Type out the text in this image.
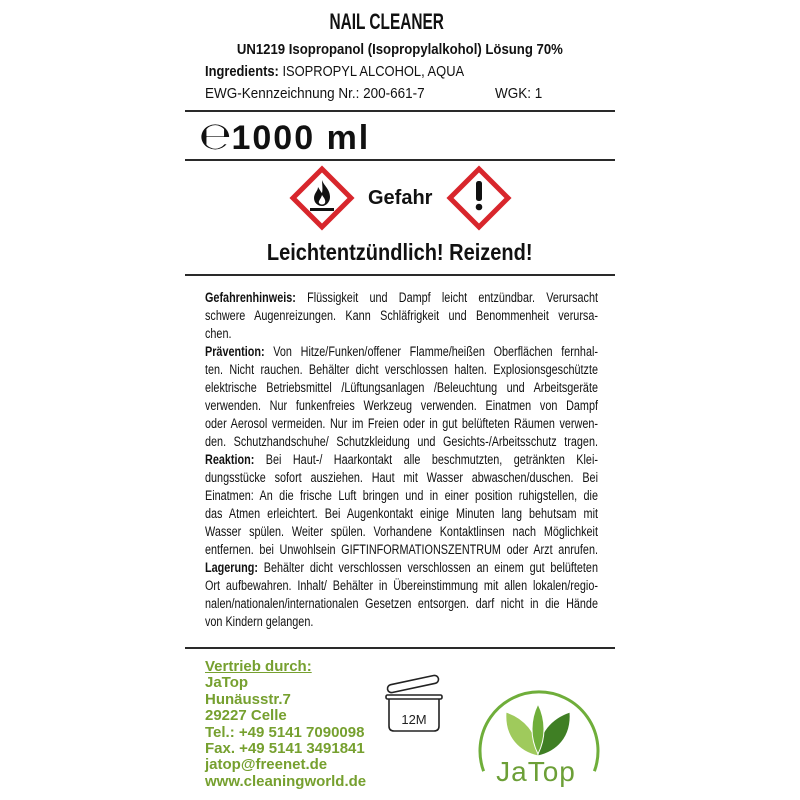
NAIL CLEANER
UN1219 Isopropanol (Isopropylalkohol) Lösung 70%
Ingredients: ISOPROPYL ALCOHOL, AQUA
EWG-Kennzeichnung Nr.: 200-661-7	WGK: 1
℮1000 ml
Gefahr
Leichtentzündlich! Reizend!
Gefahrenhinweis: Flüssigkeit und Dampf leicht entzündbar. Verursacht
schwere Augenreizungen. Kann Schläfrigkeit und Benommenheit verursa-
chen.
Prävention: Von Hitze/Funken/offener Flamme/heißen Oberflächen fernhal-
ten. Nicht rauchen. Behälter dicht verschlossen halten. Explosionsgeschützte
elektrische Betriebsmittel /Lüftungsanlagen /Beleuchtung und Arbeitsgeräte
verwenden. Nur funkenfreies Werkzeug verwenden. Einatmen von Dampf
oder Aerosol vermeiden. Nur im Freien oder in gut belüfteten Räumen verwen-
den. Schutzhandschuhe/ Schutzkleidung und Gesichts-/Arbeitsschutz tragen.
Reaktion: Bei Haut-/ Haarkontakt alle beschmutzten, getränkten Klei-
dungsstücke sofort ausziehen. Haut mit Wasser abwaschen/duschen. Bei
Einatmen: An die frische Luft bringen und in einer position ruhigstellen, die
das Atmen erleichtert. Bei Augenkontakt einige Minuten lang behutsam mit
Wasser spülen. Weiter spülen. Vorhandene Kontaktlinsen nach Möglichkeit
entfernen. bei Unwohlsein GIFTINFORMATIONSZENTRUM oder Arzt anrufen.
Lagerung: Behälter dicht verschlossen verschlossen an einem gut belüfteten
Ort aufbewahren. Inhalt/ Behälter in Übereinstimmung mit allen lokalen/regio-
nalen/nationalen/internationalen Gesetzen entsorgen. darf nicht in die Hände
von Kindern gelangen.
Vertrieb durch:
JaTop
Hunäusstr.7
29227 Celle
Tel.: +49 5141 7090098
Fax. +49 5141 3491841
jatop@freenet.de
www.cleaningworld.de
12M
JaTop
